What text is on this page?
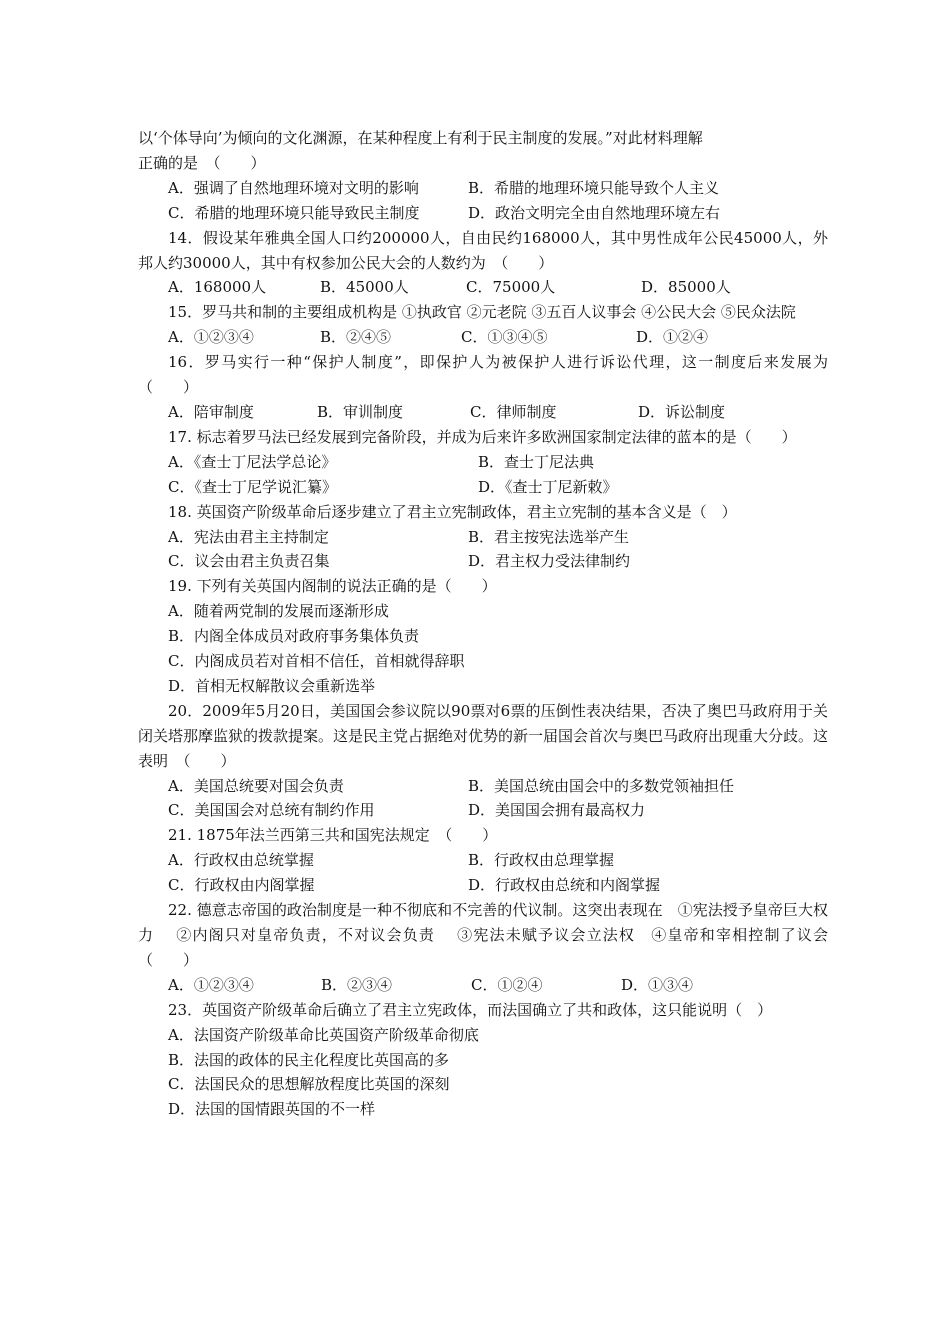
以‘个体导向’为倾向的文化渊源，在某种程度上有利于民主制度的发展。”对此材料理解
正确的是　（　　）

A．强调了自然地理环境对文明的影响	B．希腊的地理环境只能导致个人主义
C．希腊的地理环境只能导致民主制度	D．政治文明完全由自然地理环境左右

14．假设某年雅典全国人口约200000人，自由民约168000人，其中男性成年公民45000人，外邦人约30000人，其中有权参加公民大会的人数约为　（　　）

A．168000人	B．45000人	C．75000人	D．85000人

15．罗马共和制的主要组成机构是 ①执政官 ②元老院 ③五百人议事会 ④公民大会 ⑤民众法院

A．①②③④	B．②④⑤	C．①③④⑤	D．①②④

16．罗马实行一种“保护人制度”，即保护人为被保护人进行诉讼代理，这一制度后来发展为　（　　）

A．陪审制度	B．审训制度	C．律师制度	D．诉讼制度

17. 标志着罗马法已经发展到完备阶段，并成为后来许多欧洲国家制定法律的蓝本的是（　　）

A．《查士丁尼法学总论》	B．查士丁尼法典
C．《查士丁尼学说汇纂》	D．《查士丁尼新敕》

18. 英国资产阶级革命后逐步建立了君主立宪制政体，君主立宪制的基本含义是（　）

A．宪法由君主主持制定	B．君主按宪法选举产生
C．议会由君主负责召集	D．君主权力受法律制约

19. 下列有关英国内阁制的说法正确的是（　　）

A．随着两党制的发展而逐渐形成
B．内阁全体成员对政府事务集体负责
C．内阁成员若对首相不信任，首相就得辞职
D．首相无权解散议会重新选举

20．2009年5月20日，美国国会参议院以90票对6票的压倒性表决结果，否决了奥巴马政府用于关闭关塔那摩监狱的拨款提案。这是民主党占据绝对优势的新一届国会首次与奥巴马政府出现重大分歧。这表明　（　　）

A．美国总统要对国会负责	B．美国总统由国会中的多数党领袖担任
C．美国国会对总统有制约作用	D．美国国会拥有最高权力

21. 1875年法兰西第三共和国宪法规定　（　　）

A．行政权由总统掌握	B．行政权由总理掌握
C．行政权由内阁掌握	D．行政权由总统和内阁掌握

22. 德意志帝国的政治制度是一种不彻底和不完善的代议制。这突出表现在　①宪法授予皇帝巨大权力　 ②内阁只对皇帝负责，不对议会负责　 ③宪法未赋予议会立法权　④皇帝和宰相控制了议会（　　）

A．①②③④	B．②③④	C．①②④	D．①③④

23．英国资产阶级革命后确立了君主立宪政体，而法国确立了共和政体，这只能说明（　）

A．法国资产阶级革命比英国资产阶级革命彻底
B．法国的政体的民主化程度比英国高的多
C．法国民众的思想解放程度比英国的深刻
D．法国的国情跟英国的不一样
